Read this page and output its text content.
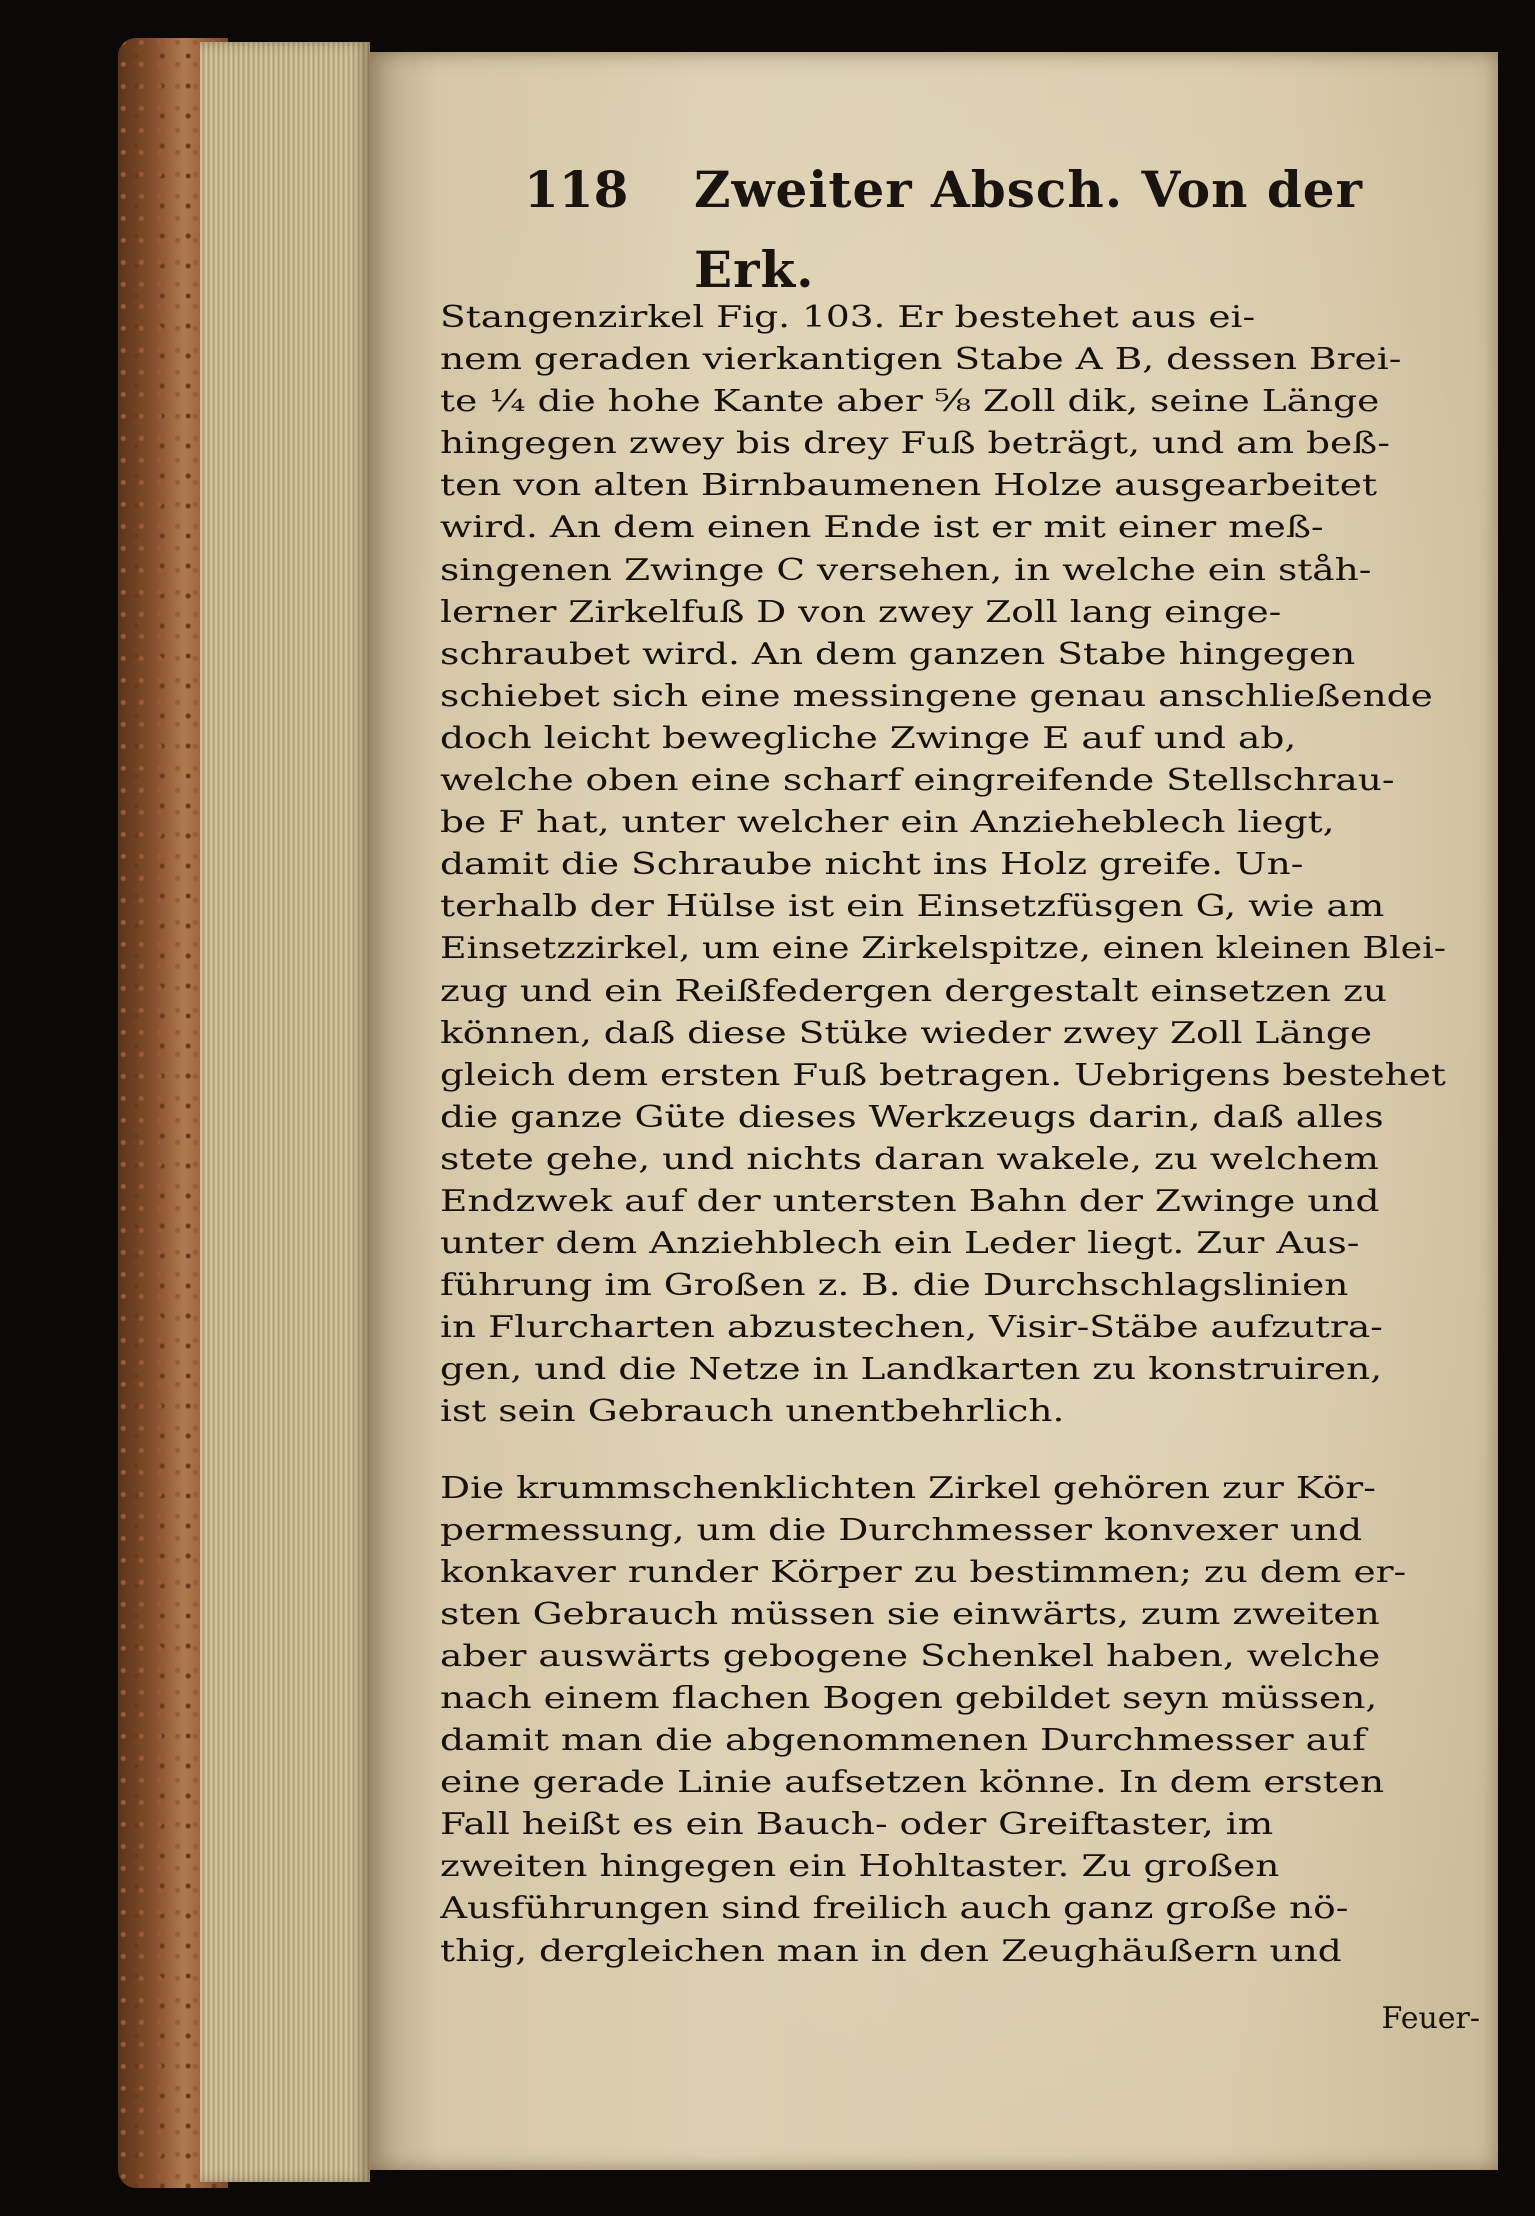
118 Zweiter Absch. Von der Erk.
Stangenzirkel Fig. 103. Er bestehet aus ei-
nem geraden vierkantigen Stabe A B, dessen Brei-
te ¼ die hohe Kante aber ⅝ Zoll dik, seine Länge
hingegen zwey bis drey Fuß beträgt, und am beß-
ten von alten Birnbaumenen Holze ausgearbeitet
wird. An dem einen Ende ist er mit einer meß-
singenen Zwinge C versehen, in welche ein ståh-
lerner Zirkelfuß D von zwey Zoll lang einge-
schraubet wird. An dem ganzen Stabe hingegen
schiebet sich eine messingene genau anschließende
doch leicht bewegliche Zwinge E auf und ab,
welche oben eine scharf eingreifende Stellschrau-
be F hat, unter welcher ein Anzieheblech liegt,
damit die Schraube nicht ins Holz greife. Un-
terhalb der Hülse ist ein Einsetzfüsgen G, wie am
Einsetzzirkel, um eine Zirkelspitze, einen kleinen Blei-
zug und ein Reißfedergen dergestalt einsetzen zu
können, daß diese Stüke wieder zwey Zoll Länge
gleich dem ersten Fuß betragen. Uebrigens bestehet
die ganze Güte dieses Werkzeugs darin, daß alles
stete gehe, und nichts daran wakele, zu welchem
Endzwek auf der untersten Bahn der Zwinge und
unter dem Anziehblech ein Leder liegt. Zur Aus-
führung im Großen z. B. die Durchschlagslinien
in Flurcharten abzustechen, Visir-Stäbe aufzutra-
gen, und die Netze in Landkarten zu konstruiren,
ist sein Gebrauch unentbehrlich.
Die krummschenklichten Zirkel gehören zur Kör-
permessung, um die Durchmesser konvexer und
konkaver runder Körper zu bestimmen; zu dem er-
sten Gebrauch müssen sie einwärts, zum zweiten
aber auswärts gebogene Schenkel haben, welche
nach einem flachen Bogen gebildet seyn müssen,
damit man die abgenommenen Durchmesser auf
eine gerade Linie aufsetzen könne. In dem ersten
Fall heißt es ein Bauch- oder Greiftaster, im
zweiten hingegen ein Hohltaster. Zu großen
Ausführungen sind freilich auch ganz große nö-
thig, dergleichen man in den Zeughäußern und
Feuer-
